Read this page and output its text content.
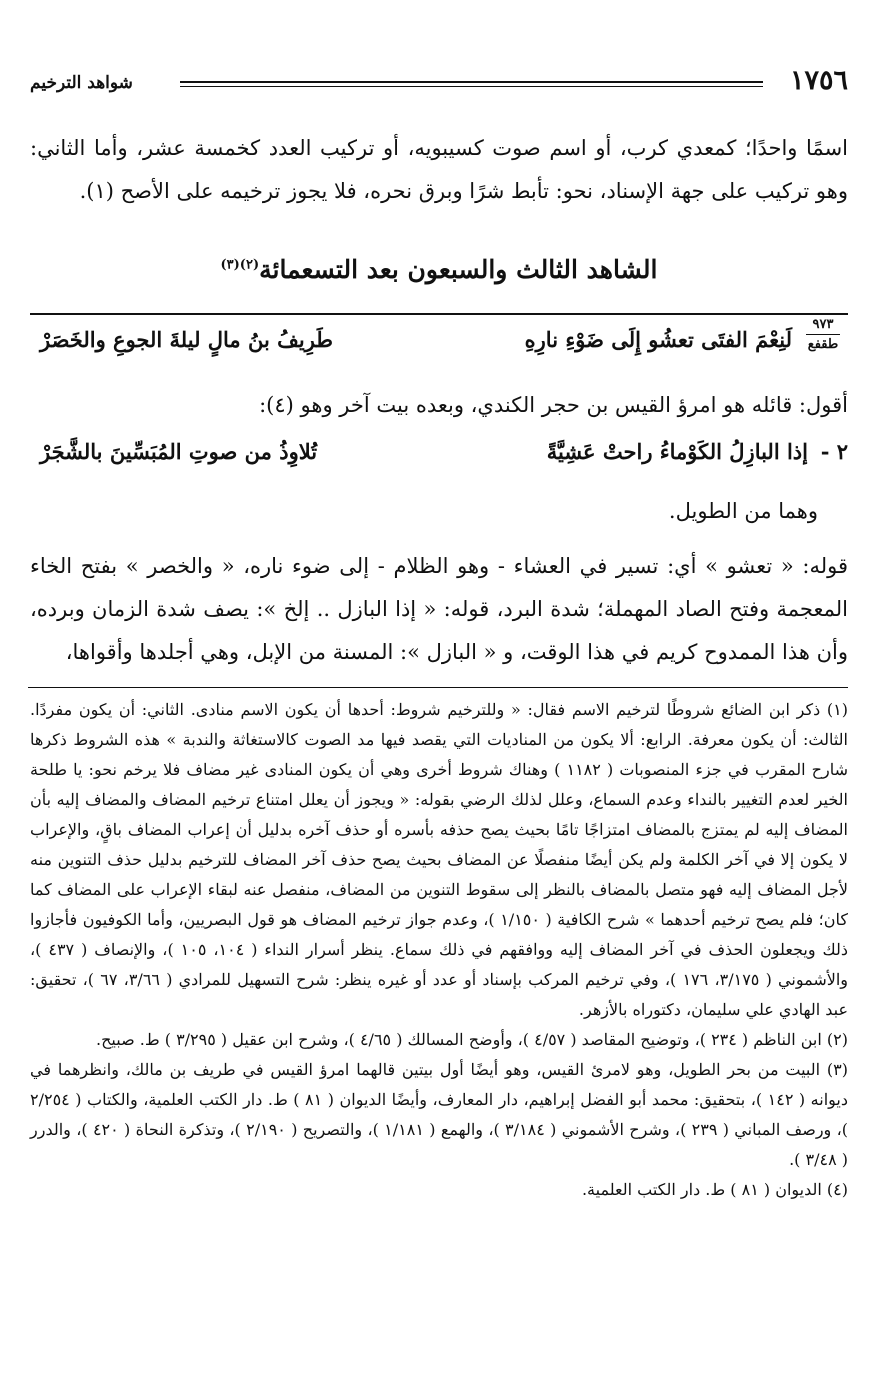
شواهد الترخيم	١٧٥٦
اسمًا واحدًا؛ كمعدي كرب، أو اسم صوت كسيبويه، أو تركيب العدد كخمسة عشر، وأما الثاني: وهو تركيب على جهة الإسناد، نحو: تأبط شرًا وبرق نحره، فلا يجوز ترخيمه على الأصح (١).
الشاهد الثالث والسبعون بعد التسعمائة$^{(٢)(٣)}$
٩٧٣
طقفع
لَنِعْمَ الفتَى تعشُو إِلَى ضَوْءِ نارِهِ
طَرِيفُ بنُ مالٍ ليلةَ الجوعِ والخَصَرْ
أقول: قائله هو امرؤ القيس بن حجر الكندي، وبعده بيت آخر وهو (٤):
٢ -
إذا البازِلُ الكَوْماءُ راحتْ عَشِيَّةً
تُلاوِذُ من صوتِ المُبَسِّينَ بالشَّجَرْ
وهما من الطويل.
قوله: « تعشو » أي: تسير في العشاء - وهو الظلام - إلى ضوء ناره، « والخصر » بفتح الخاء المعجمة وفتح الصاد المهملة؛ شدة البرد، قوله: « إذا البازل .. إلخ »: يصف شدة الزمان وبرده، وأن هذا الممدوح كريم في هذا الوقت، و « البازل »: المسنة من الإبل، وهي أجلدها وأقواها،

(١) ذكر ابن الضائع شروطًا لترخيم الاسم فقال: « وللترخيم شروط: أحدها أن يكون الاسم منادى. الثاني: أن يكون مفردًا. الثالث: أن يكون معرفة. الرابع: ألا يكون من المناديات التي يقصد فيها مد الصوت كالاستغاثة والندبة » هذه الشروط ذكرها شارح المقرب في جزء المنصوبات ( ١١٨٢ ) وهناك شروط أخرى وهي أن يكون المنادى غير مضاف فلا يرخم نحو: يا طلحة الخير لعدم التغيير بالنداء وعدم السماع، وعلل لذلك الرضي بقوله: « ويجوز أن يعلل امتناع ترخيم المضاف والمضاف إليه بأن المضاف إليه لم يمتزج بالمضاف امتزاجًا تامًا بحيث يصح حذفه بأسره أو حذف آخره بدليل أن إعراب المضاف باقٍ، والإعراب لا يكون إلا في آخر الكلمة ولم يكن أيضًا منفصلًا عن المضاف بحيث يصح حذف آخر المضاف للترخيم بدليل حذف التنوين منه لأجل المضاف إليه فهو متصل بالمضاف بالنظر إلى سقوط التنوين من المضاف، منفصل عنه لبقاء الإعراب على المضاف كما كان؛ فلم يصح ترخيم أحدهما » شرح الكافية ( ١/١٥٠ )، وعدم جواز ترخيم المضاف هو قول البصريين، وأما الكوفيون فأجازوا ذلك ويجعلون الحذف في آخر المضاف إليه ووافقهم في ذلك سماع. ينظر أسرار النداء ( ١٠٤، ١٠٥ )، والإنصاف ( ٤٣٧ )، والأشموني ( ٣/١٧٥، ١٧٦ )، وفي ترخيم المركب بإسناد أو عدد أو غيره ينظر: شرح التسهيل للمرادي ( ٣/٦٦، ٦٧ )، تحقيق: عبد الهادي علي سليمان، دكتوراه بالأزهر.

(٢) ابن الناظم ( ٢٣٤ )، وتوضيح المقاصد ( ٤/٥٧ )، وأوضح المسالك ( ٤/٦٥ )، وشرح ابن عقيل ( ٣/٢٩٥ ) ط. صبيح.

(٣) البيت من بحر الطويل، وهو لامرئ القيس، وهو أيضًا أول بيتين قالهما امرؤ القيس في طريف بن مالك، وانظرهما في ديوانه ( ١٤٢ )، بتحقيق: محمد أبو الفضل إبراهيم، دار المعارف، وأيضًا الديوان ( ٨١ ) ط. دار الكتب العلمية، والكتاب ( ٢/٢٥٤ )، ورصف المباني ( ٢٣٩ )، وشرح الأشموني ( ٣/١٨٤ )، والهمع ( ١/١٨١ )، والتصريح ( ٢/١٩٠ )، وتذكرة النحاة ( ٤٢٠ )، والدرر ( ٣/٤٨ ).

(٤) الديوان ( ٨١ ) ط. دار الكتب العلمية.
